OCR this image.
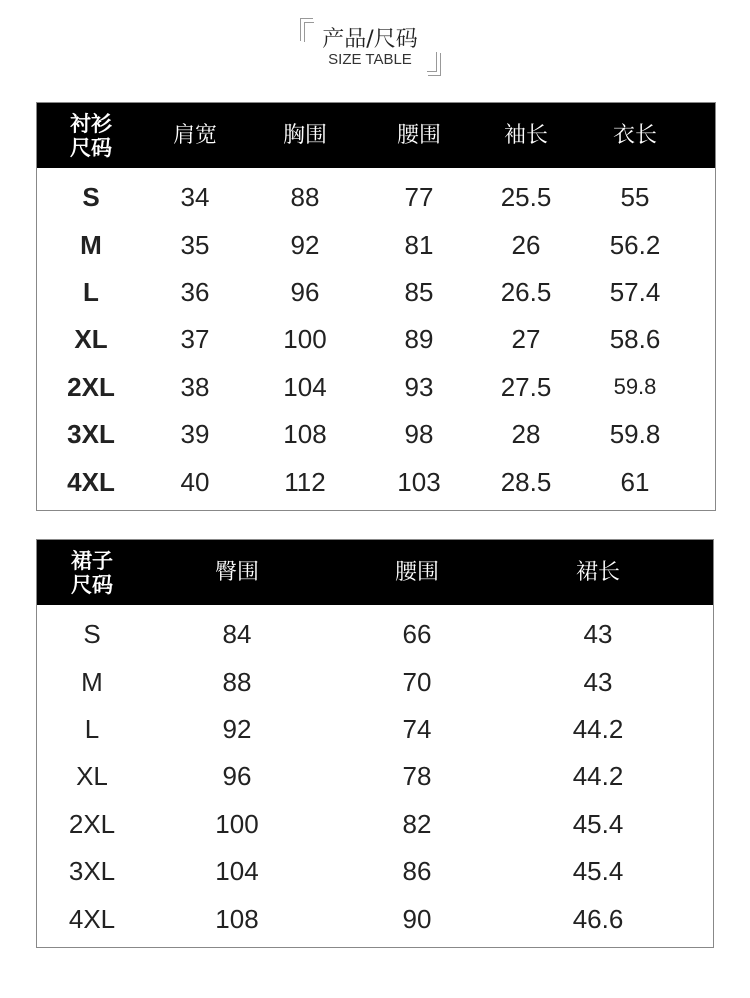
产品/尺码
SIZE TABLE
衬衫
尺码	肩宽	胸围	腰围	袖长	衣长
S	34	88	77	25.5	55
M	35	92	81	26	56.2
L	36	96	85	26.5	57.4
XL	37	100	89	27	58.6
2XL	38	104	93	27.5	59.8
3XL	39	108	98	28	59.8
4XL	40	112	103	28.5	61
裙子
尺码	臀围	腰围	裙长
S	84	66	43
M	88	70	43
L	92	74	44.2
XL	96	78	44.2
2XL	100	82	45.4
3XL	104	86	45.4
4XL	108	90	46.6
